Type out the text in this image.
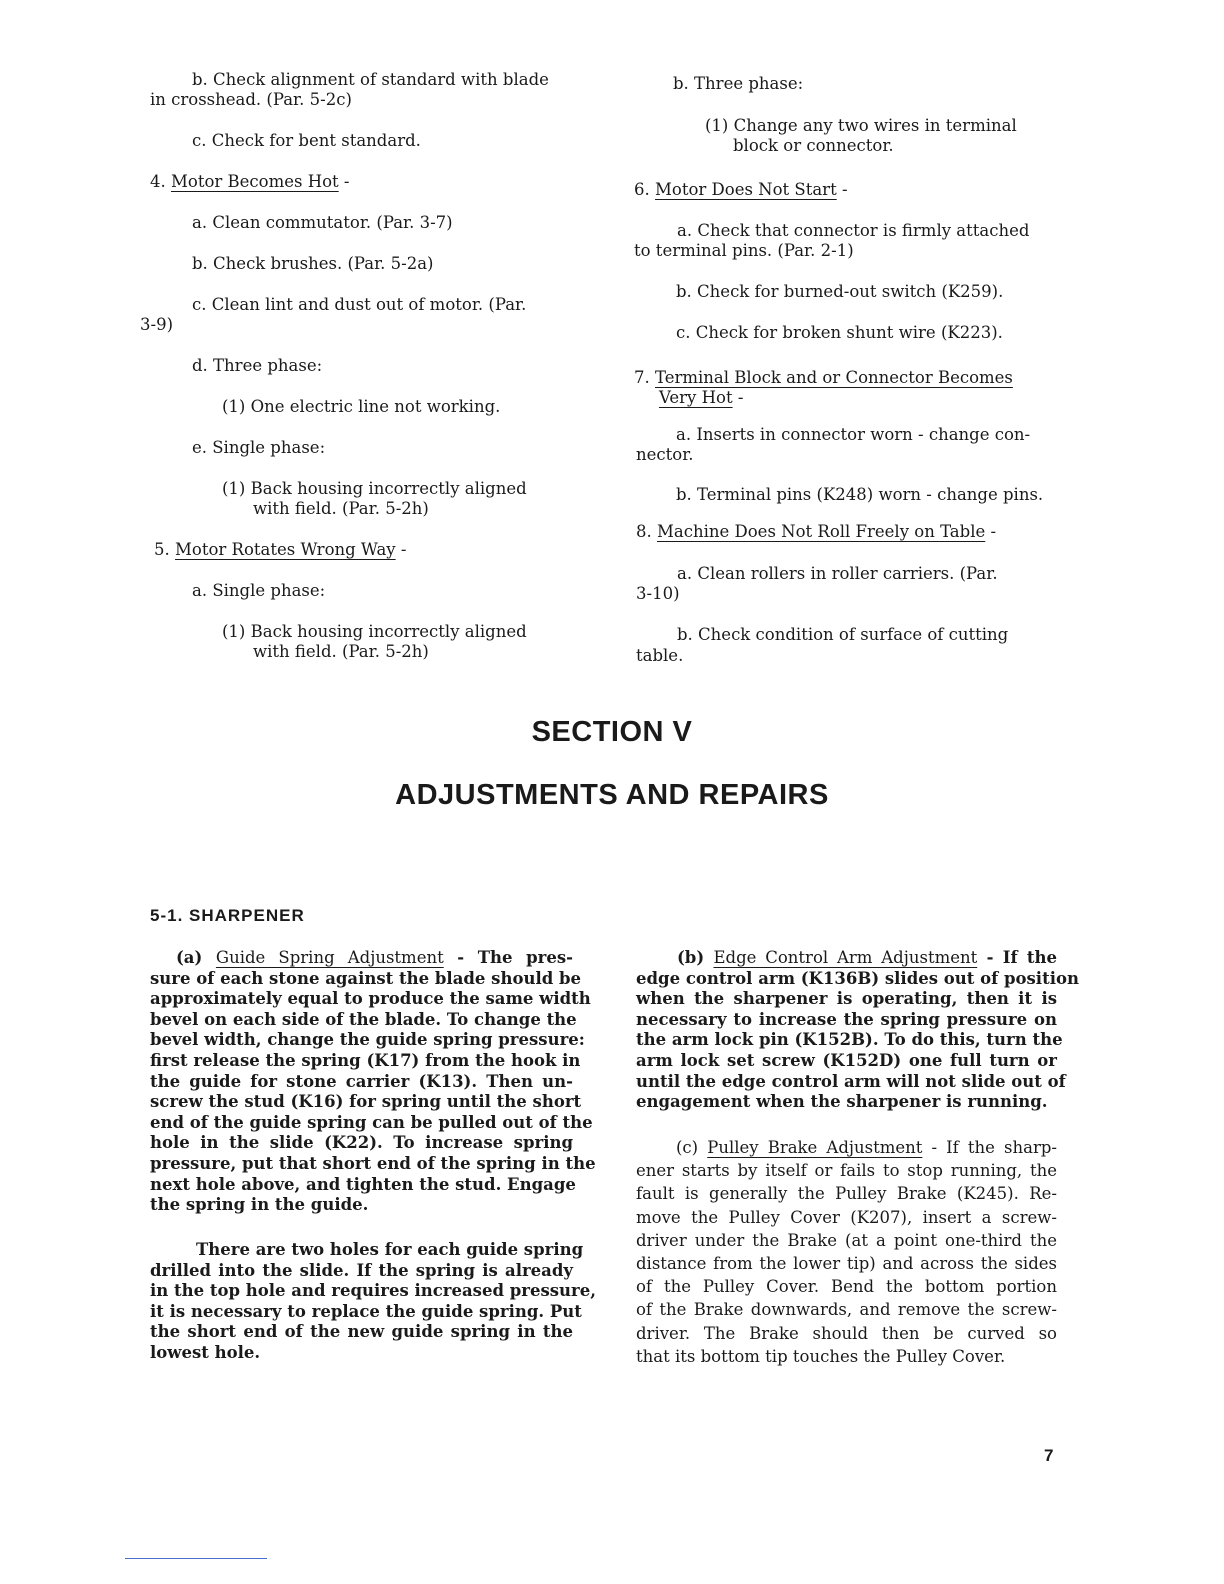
b. Check alignment of standard with blade
in crosshead. (Par. 5-2c)
c. Check for bent standard.
4. Motor Becomes Hot -
a. Clean commutator. (Par. 3-7)
b. Check brushes. (Par. 5-2a)
c. Clean lint and dust out of motor. (Par.
3-9)
d. Three phase:
(1) One electric line not working.
e. Single phase:
(1) Back housing incorrectly aligned
with field. (Par. 5-2h)
5. Motor Rotates Wrong Way -
a. Single phase:
(1) Back housing incorrectly aligned
with field. (Par. 5-2h)
b. Three phase:
(1) Change any two wires in terminal
block or connector.
6. Motor Does Not Start -
a. Check that connector is firmly attached
to terminal pins. (Par. 2-1)
b. Check for burned-out switch (K259).
c. Check for broken shunt wire (K223).
7. Terminal Block and or Connector Becomes
Very Hot -
a. Inserts in connector worn - change con-
nector.
b. Terminal pins (K248) worn - change pins.
8. Machine Does Not Roll Freely on Table -
a. Clean rollers in roller carriers. (Par.
3-10)
b. Check condition of surface of cutting
table.
SECTION V
ADJUSTMENTS AND REPAIRS
5-1. SHARPENER
(a) Guide Spring Adjustment - The pres-
sure of each stone against the blade should be
approximately equal to produce the same width
bevel on each side of the blade. To change the
bevel width, change the guide spring pressure:
first release the spring (K17) from the hook in
the guide for stone carrier (K13). Then un-
screw the stud (K16) for spring until the short
end of the guide spring can be pulled out of the
hole in the slide (K22). To increase spring
pressure, put that short end of the spring in the
next hole above, and tighten the stud. Engage
the spring in the guide.
There are two holes for each guide spring
drilled into the slide. If the spring is already
in the top hole and requires increased pressure,
it is necessary to replace the guide spring. Put
the short end of the new guide spring in the
lowest hole.
(b) Edge Control Arm Adjustment - If the
edge control arm (K136B) slides out of position
when the sharpener is operating, then it is
necessary to increase the spring pressure on
the arm lock pin (K152B). To do this, turn the
arm lock set screw (K152D) one full turn or
until the edge control arm will not slide out of
engagement when the sharpener is running.
(c) Pulley Brake Adjustment - If the sharp-
ener starts by itself or fails to stop running, the
fault is generally the Pulley Brake (K245). Re-
move the Pulley Cover (K207), insert a screw-
driver under the Brake (at a point one-third the
distance from the lower tip) and across the sides
of the Pulley Cover. Bend the bottom portion
of the Brake downwards, and remove the screw-
driver. The Brake should then be curved so
that its bottom tip touches the Pulley Cover.
7
